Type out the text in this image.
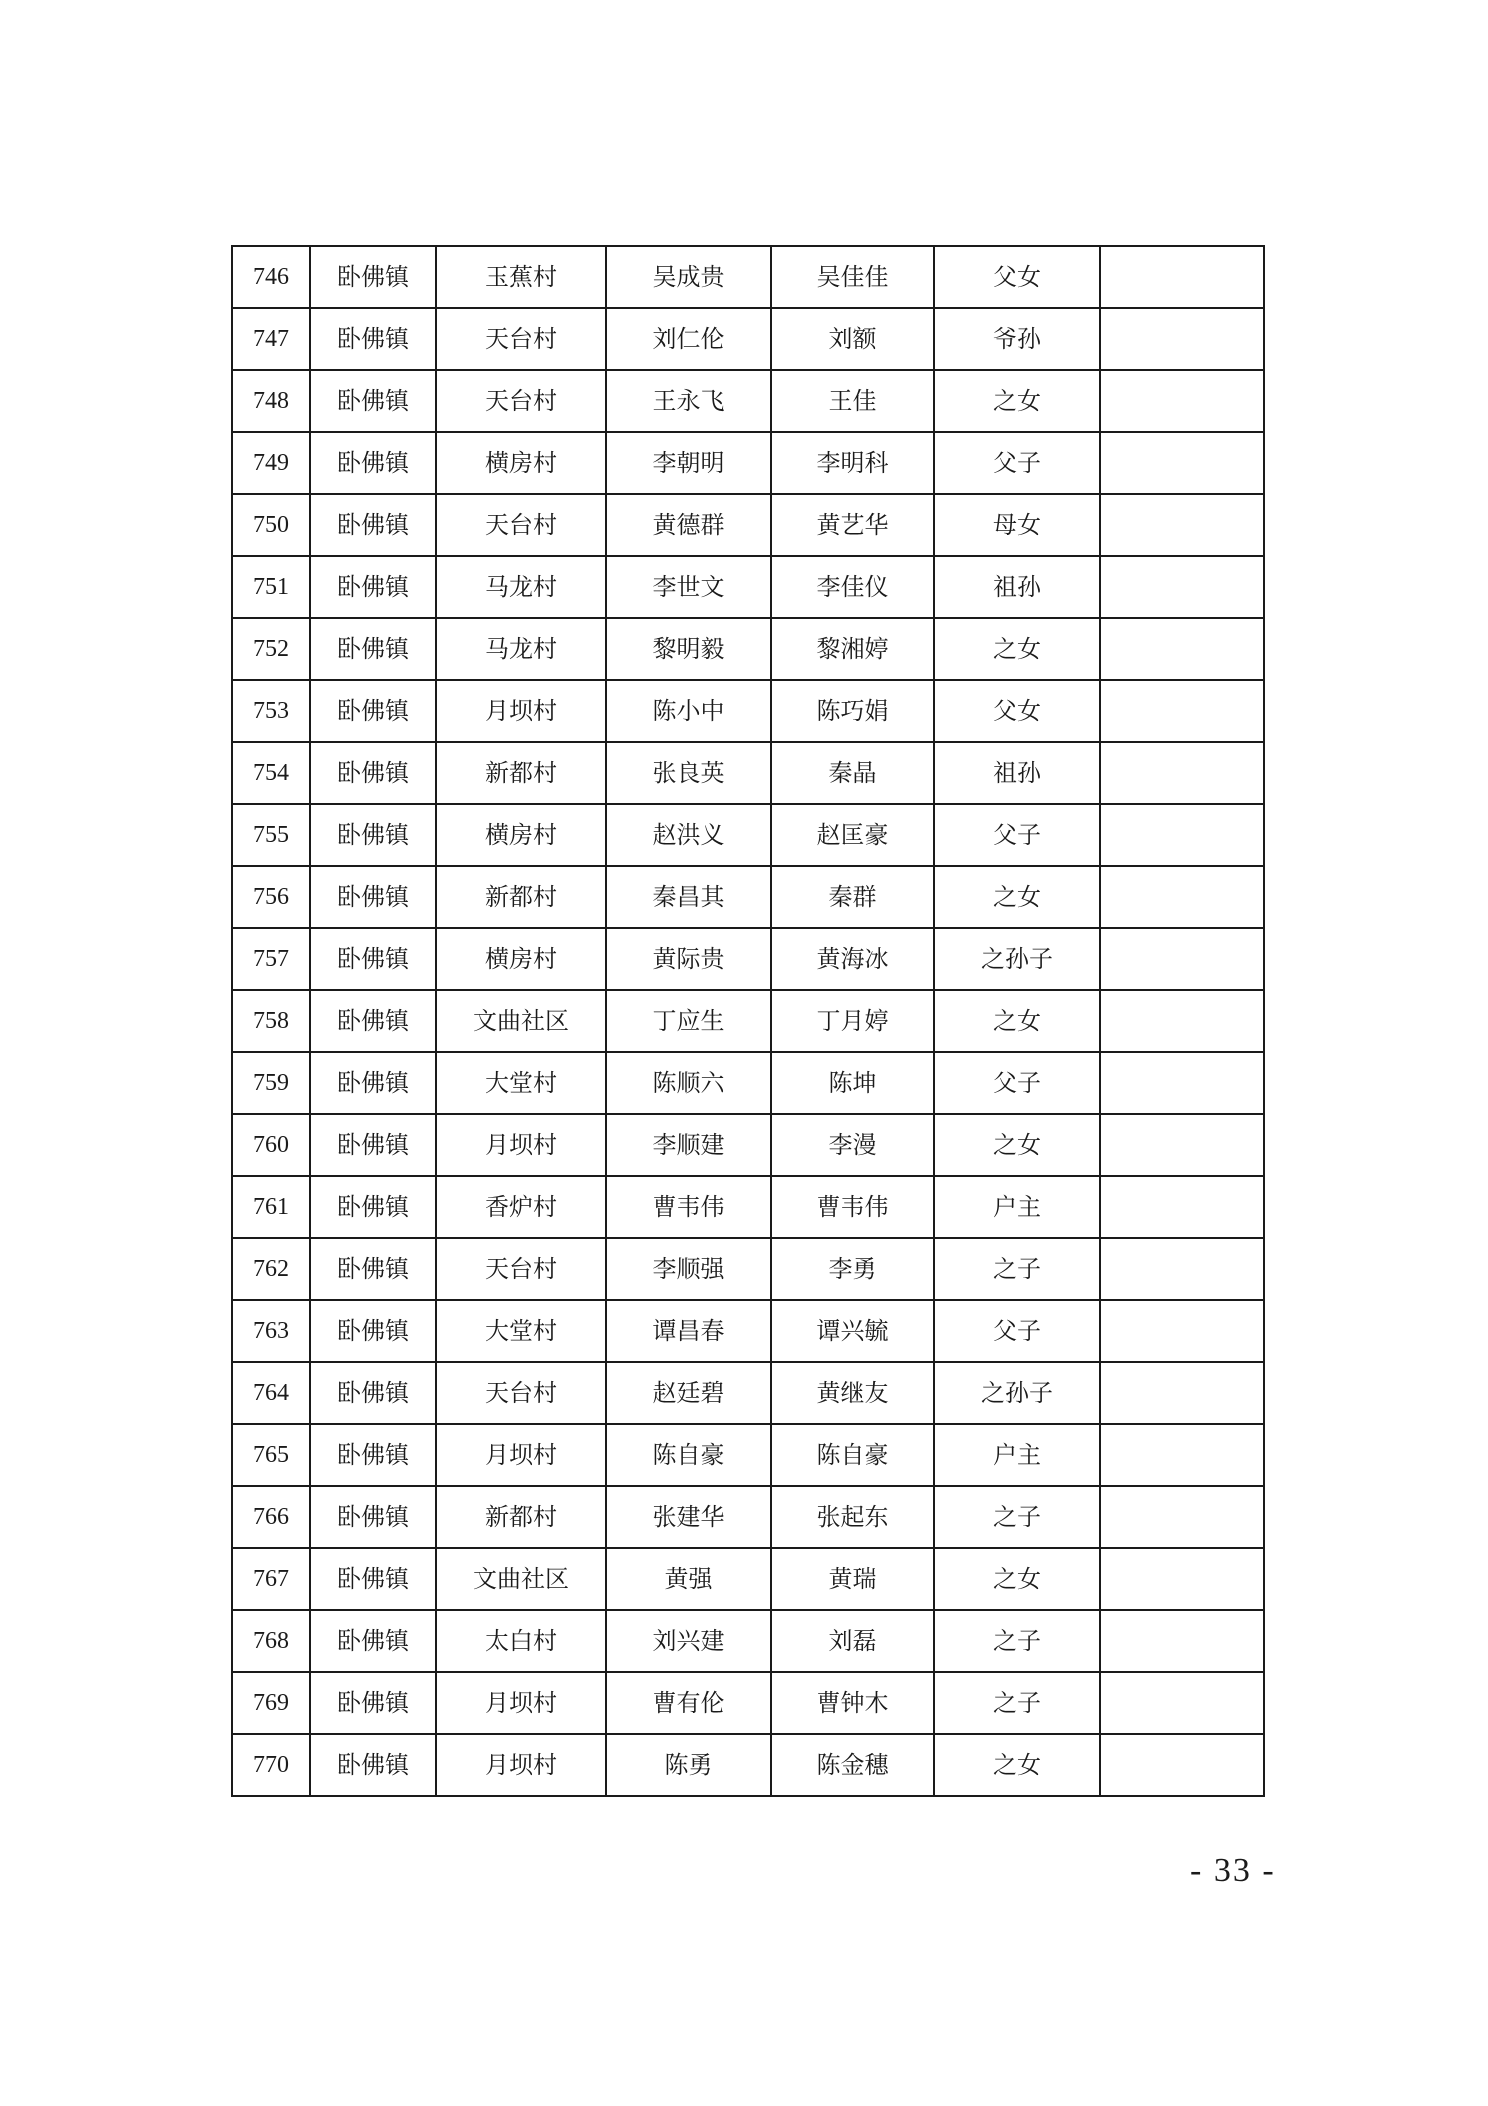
746	卧佛镇	玉蕉村	吴成贵	吴佳佳	父女	
747	卧佛镇	天台村	刘仁伦	刘额	爷孙	
748	卧佛镇	天台村	王永飞	王佳	之女	
749	卧佛镇	横房村	李朝明	李明科	父子	
750	卧佛镇	天台村	黄德群	黄艺华	母女	
751	卧佛镇	马龙村	李世文	李佳仪	祖孙	
752	卧佛镇	马龙村	黎明毅	黎湘婷	之女	
753	卧佛镇	月坝村	陈小中	陈巧娟	父女	
754	卧佛镇	新都村	张良英	秦晶	祖孙	
755	卧佛镇	横房村	赵洪义	赵匡豪	父子	
756	卧佛镇	新都村	秦昌其	秦群	之女	
757	卧佛镇	横房村	黄际贵	黄海冰	之孙子	
758	卧佛镇	文曲社区	丁应生	丁月婷	之女	
759	卧佛镇	大堂村	陈顺六	陈坤	父子	
760	卧佛镇	月坝村	李顺建	李漫	之女	
761	卧佛镇	香炉村	曹韦伟	曹韦伟	户主	
762	卧佛镇	天台村	李顺强	李勇	之子	
763	卧佛镇	大堂村	谭昌春	谭兴毓	父子	
764	卧佛镇	天台村	赵廷碧	黄继友	之孙子	
765	卧佛镇	月坝村	陈自豪	陈自豪	户主	
766	卧佛镇	新都村	张建华	张起东	之子	
767	卧佛镇	文曲社区	黄强	黄瑞	之女	
768	卧佛镇	太白村	刘兴建	刘磊	之子	
769	卧佛镇	月坝村	曹有伦	曹钟木	之子	
770	卧佛镇	月坝村	陈勇	陈金穗	之女	
- 33 -
